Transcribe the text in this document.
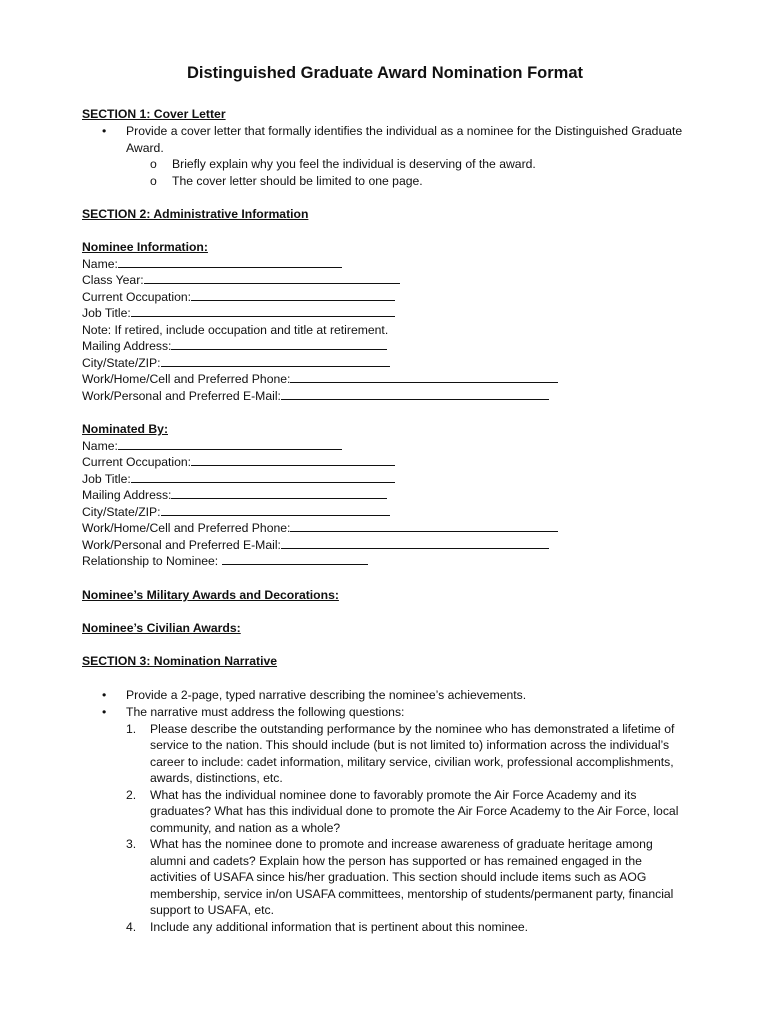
Distinguished Graduate Award Nomination Format
SECTION 1: Cover Letter
• Provide a cover letter that formally identifies the individual as a nominee for the Distinguished Graduate
Award.
o Briefly explain why you feel the individual is deserving of the award.
o The cover letter should be limited to one page.
SECTION 2: Administrative Information
Nominee Information:
Name:
Class Year:
Current Occupation:
Job Title:
Note: If retired, include occupation and title at retirement.
Mailing Address:
City/State/ZIP:
Work/Home/Cell and Preferred Phone:
Work/Personal and Preferred E-Mail:
Nominated By:
Name:
Current Occupation:
Job Title:
Mailing Address:
City/State/ZIP:
Work/Home/Cell and Preferred Phone:
Work/Personal and Preferred E-Mail:
Relationship to Nominee:
Nominee’s Military Awards and Decorations:
Nominee’s Civilian Awards:
SECTION 3: Nomination Narrative
• Provide a 2-page, typed narrative describing the nominee’s achievements.
• The narrative must address the following questions:
1. Please describe the outstanding performance by the nominee who has demonstrated a lifetime of
service to the nation. This should include (but is not limited to) information across the individual’s
career to include: cadet information, military service, civilian work, professional accomplishments,
awards, distinctions, etc.
2. What has the individual nominee done to favorably promote the Air Force Academy and its
graduates? What has this individual done to promote the Air Force Academy to the Air Force, local
community, and nation as a whole?
3. What has the nominee done to promote and increase awareness of graduate heritage among
alumni and cadets? Explain how the person has supported or has remained engaged in the
activities of USAFA since his/her graduation. This section should include items such as AOG
membership, service in/on USAFA committees, mentorship of students/permanent party, financial
support to USAFA, etc.
4. Include any additional information that is pertinent about this nominee.
